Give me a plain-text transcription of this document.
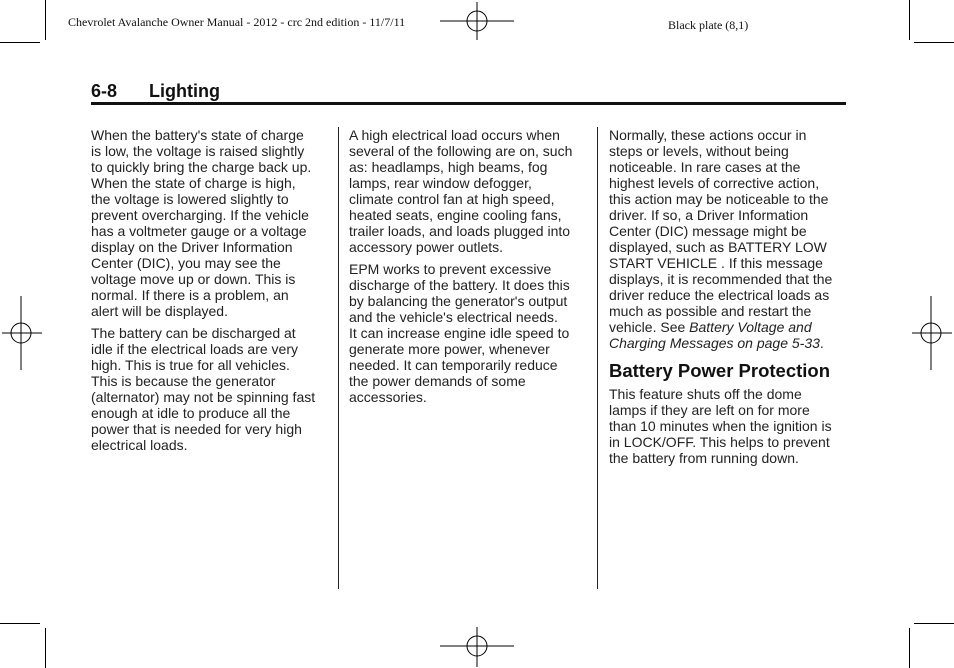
Chevrolet Avalanche Owner Manual - 2012 - crc 2nd edition - 11/7/11	Black plate (8,1)
6-8 Lighting

When the battery's state of charge
is low, the voltage is raised slightly
to quickly bring the charge back up.
When the state of charge is high,
the voltage is lowered slightly to
prevent overcharging. If the vehicle
has a voltmeter gauge or a voltage
display on the Driver Information
Center (DIC), you may see the
voltage move up or down. This is
normal. If there is a problem, an
alert will be displayed.

The battery can be discharged at
idle if the electrical loads are very
high. This is true for all vehicles.
This is because the generator
(alternator) may not be spinning fast
enough at idle to produce all the
power that is needed for very high
electrical loads.

A high electrical load occurs when
several of the following are on, such
as: headlamps, high beams, fog
lamps, rear window defogger,
climate control fan at high speed,
heated seats, engine cooling fans,
trailer loads, and loads plugged into
accessory power outlets.

EPM works to prevent excessive
discharge of the battery. It does this
by balancing the generator's output
and the vehicle's electrical needs.
It can increase engine idle speed to
generate more power, whenever
needed. It can temporarily reduce
the power demands of some
accessories.

Normally, these actions occur in
steps or levels, without being
noticeable. In rare cases at the
highest levels of corrective action,
this action may be noticeable to the
driver. If so, a Driver Information
Center (DIC) message might be
displayed, such as BATTERY LOW
START VEHICLE . If this message
displays, it is recommended that the
driver reduce the electrical loads as
much as possible and restart the
vehicle. See Battery Voltage and
Charging Messages on page 5-33.

Battery Power Protection

This feature shuts off the dome
lamps if they are left on for more
than 10 minutes when the ignition is
in LOCK/OFF. This helps to prevent
the battery from running down.
